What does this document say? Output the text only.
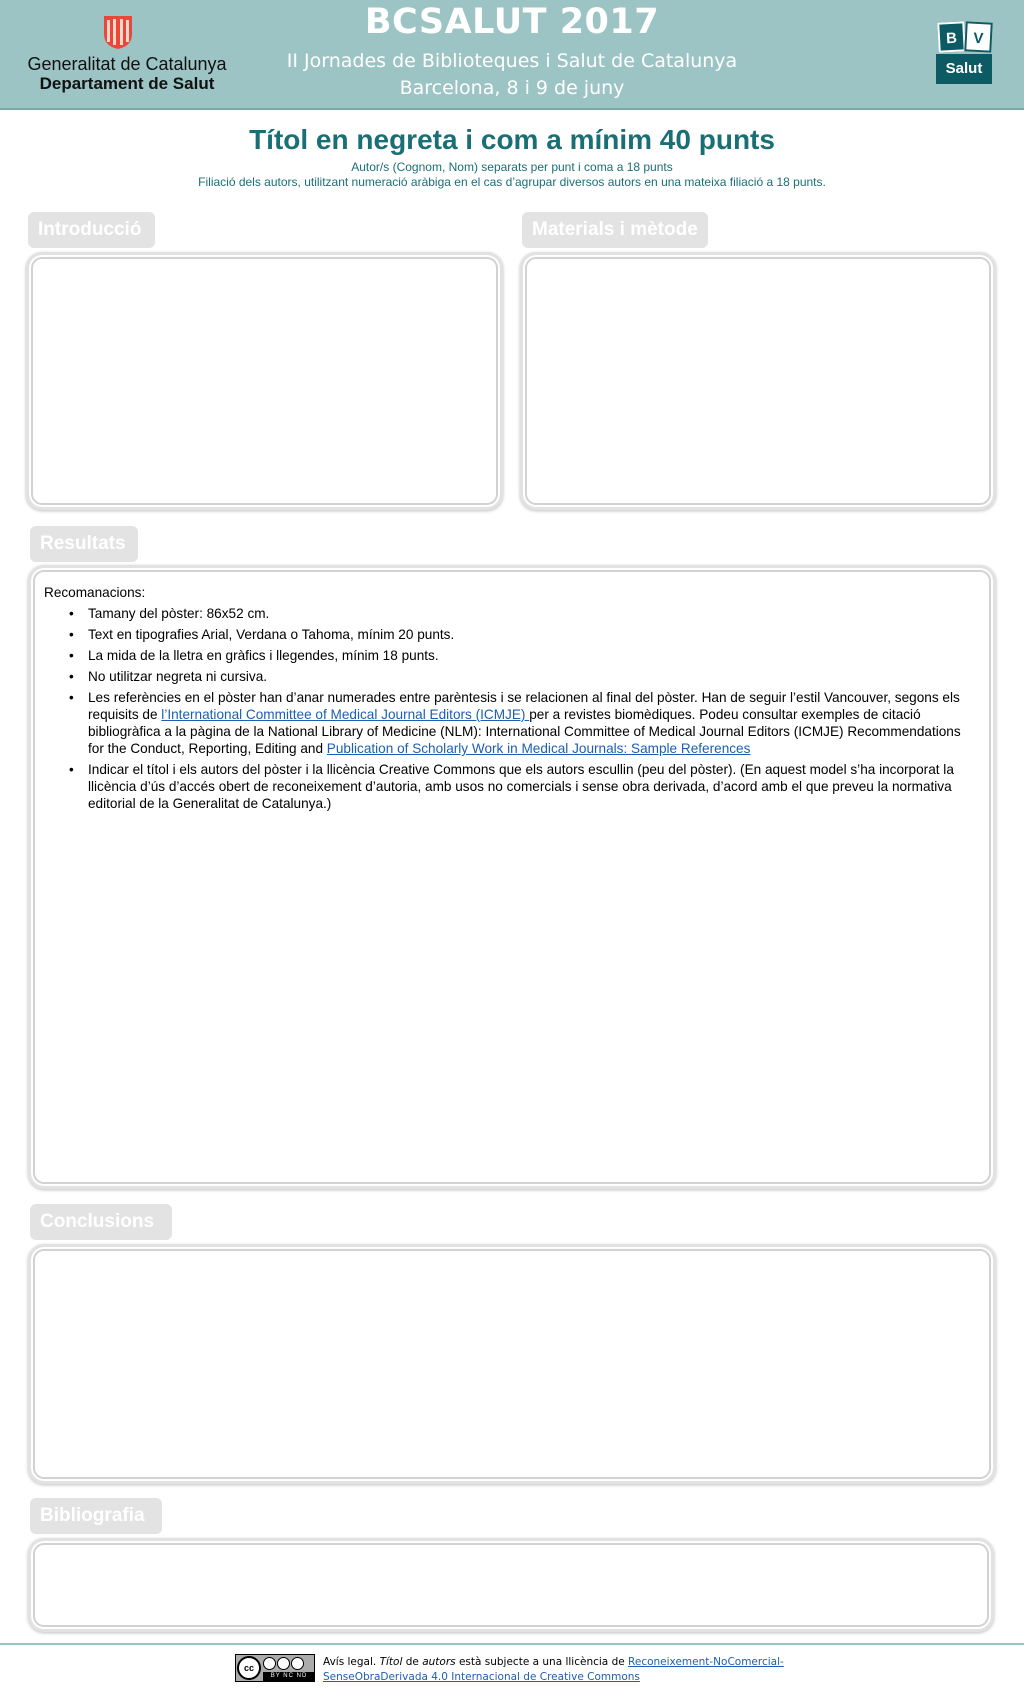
Generalitat de Catalunya
Departament de Salut
BCSALUT 2017
II Jornades de Biblioteques i Salut de Catalunya
Barcelona, 8 i 9 de juny
B	V
Salut
Títol en negreta i com a mínim 40 punts
Autor/s (Cognom, Nom) separats per punt i coma a 18 punts
Filiació dels autors, utilitzant numeració aràbiga en el cas d’agrupar diversos autors en una mateixa filiació a 18 punts.
Introducció	Materials i mètode
Resultats

Recomanacions:

• Tamany del pòster: 86x52 cm.
• Text en tipografies Arial, Verdana o Tahoma, mínim 20 punts.
• La mida de la lletra en gràfics i llegendes, mínim 18 punts.
• No utilitzar negreta ni cursiva.
• Les referències en el pòster han d’anar numerades entre parèntesis i se relacionen al final del pòster. Han de seguir l’estil Vancouver, segons els requisits de l’International Committee of Medical Journal Editors (ICMJE) per a revistes biomèdiques. Podeu consultar exemples de citació bibliogràfica a la pàgina de la National Library of Medicine (NLM): International Committee of Medical Journal Editors (ICMJE) Recommendations for the Conduct, Reporting, Editing and Publication of Scholarly Work in Medical Journals: Sample References
• Indicar el títol i els autors del pòster i la llicència Creative Commons que els autors escullin (peu del pòster). (En aquest model s’ha incorporat la llicència d’ús d’accés obert de reconeixement d’autoria, amb usos no comercials i sense obra derivada, d’acord amb el que preveu la normativa editorial de la Generalitat de Catalunya.)
Conclusions
Bibliografia
cc
BY NC ND
Avís legal. Títol de autors està subjecte a una llicència de Reconeixement-NoComercial-SenseObraDerivada 4.0 Internacional de Creative Commons
